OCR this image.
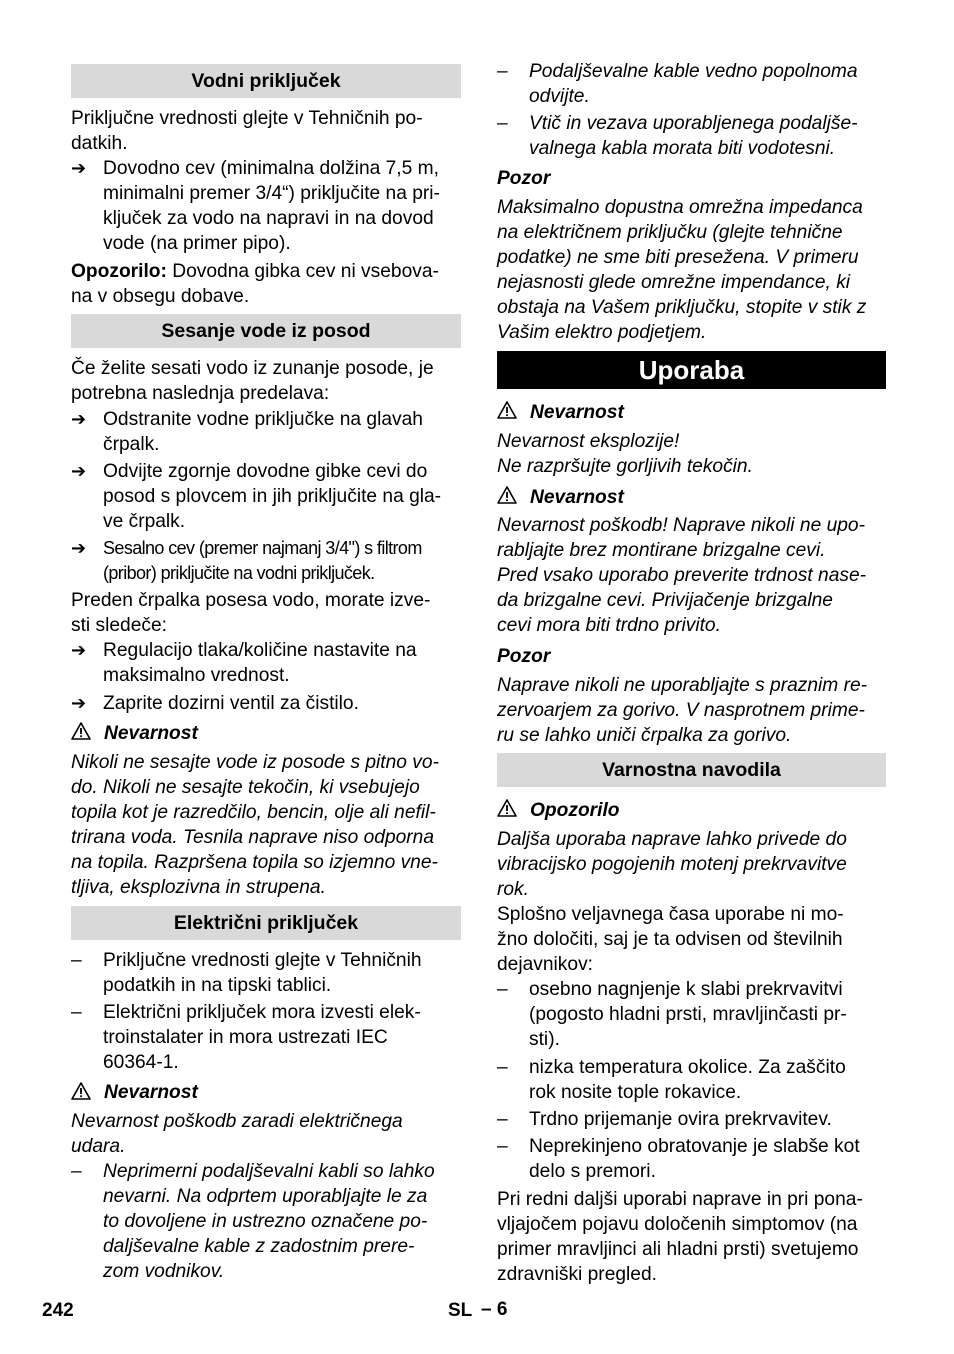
Vodni priključek
Priključne vrednosti glejte v Tehničnih po-
datkih.
➔ Dovodno cev (minimalna dolžina 7,5 m,
minimalni premer 3/4“) priključite na pri-
ključek za vodo na napravi in na dovod
vode (na primer pipo).
Opozorilo: Dovodna gibka cev ni vsebova-
na v obsegu dobave.
Sesanje vode iz posod
Če želite sesati vodo iz zunanje posode, je
potrebna naslednja predelava:
➔ Odstranite vodne priključke na glavah
črpalk.
➔ Odvijte zgornje dovodne gibke cevi do
posod s plovcem in jih priključite na gla-
ve črpalk.
➔ Sesalno cev (premer najmanj 3/4") s filtrom
(pribor) priključite na vodni priključek.
Preden črpalka posesa vodo, morate izve-
sti sledeče:
➔ Regulacijo tlaka/količine nastavite na
maksimalno vrednost.
➔ Zaprite dozirni ventil za čistilo.
Nevarnost
Nikoli ne sesajte vode iz posode s pitno vo-
do. Nikoli ne sesajte tekočin, ki vsebujejo
topila kot je razredčilo, bencin, olje ali nefil-
trirana voda. Tesnila naprave niso odporna
na topila. Razpršena topila so izjemno vne-
tljiva, eksplozivna in strupena.
Električni priključek
– Priključne vrednosti glejte v Tehničnih
podatkih in na tipski tablici.
– Električni priključek mora izvesti elek-
troinstalater in mora ustrezati IEC
60364-1.
Nevarnost
Nevarnost poškodb zaradi električnega
udara.
– Neprimerni podaljševalni kabli so lahko
nevarni. Na odprtem uporabljajte le za
to dovoljene in ustrezno označene po-
daljševalne kable z zadostnim prere-
zom vodnikov.
– Podaljševalne kable vedno popolnoma
odvijte.
– Vtič in vezava uporabljenega podaljše-
valnega kabla morata biti vodotesni.
Pozor
Maksimalno dopustna omrežna impedanca
na električnem priključku (glejte tehnične
podatke) ne sme biti presežena. V primeru
nejasnosti glede omrežne impendance, ki
obstaja na Vašem priključku, stopite v stik z
Vašim elektro podjetjem.
Uporaba
Nevarnost
Nevarnost eksplozije!
Ne razpršujte gorljivih tekočin.
Nevarnost
Nevarnost poškodb! Naprave nikoli ne upo-
rabljajte brez montirane brizgalne cevi.
Pred vsako uporabo preverite trdnost nase-
da brizgalne cevi. Privijačenje brizgalne
cevi mora biti trdno privito.
Pozor
Naprave nikoli ne uporabljajte s praznim re-
zervoarjem za gorivo. V nasprotnem prime-
ru se lahko uniči črpalka za gorivo.
Varnostna navodila
Opozorilo
Daljša uporaba naprave lahko privede do
vibracijsko pogojenih motenj prekrvavitve
rok.
Splošno veljavnega časa uporabe ni mo-
žno določiti, saj je ta odvisen od številnih
dejavnikov:
– osebno nagnjenje k slabi prekrvavitvi
(pogosto hladni prsti, mravljinčasti pr-
sti).
– nizka temperatura okolice. Za zaščito
rok nosite tople rokavice.
– Trdno prijemanje ovira prekrvavitev.
– Neprekinjeno obratovanje je slabše kot
delo s premori.
Pri redni daljši uporabi naprave in pri pona-
vljajočem pojavu določenih simptomov (na
primer mravljinci ali hladni prsti) svetujemo
zdravniški pregled.
242	SL – 6
